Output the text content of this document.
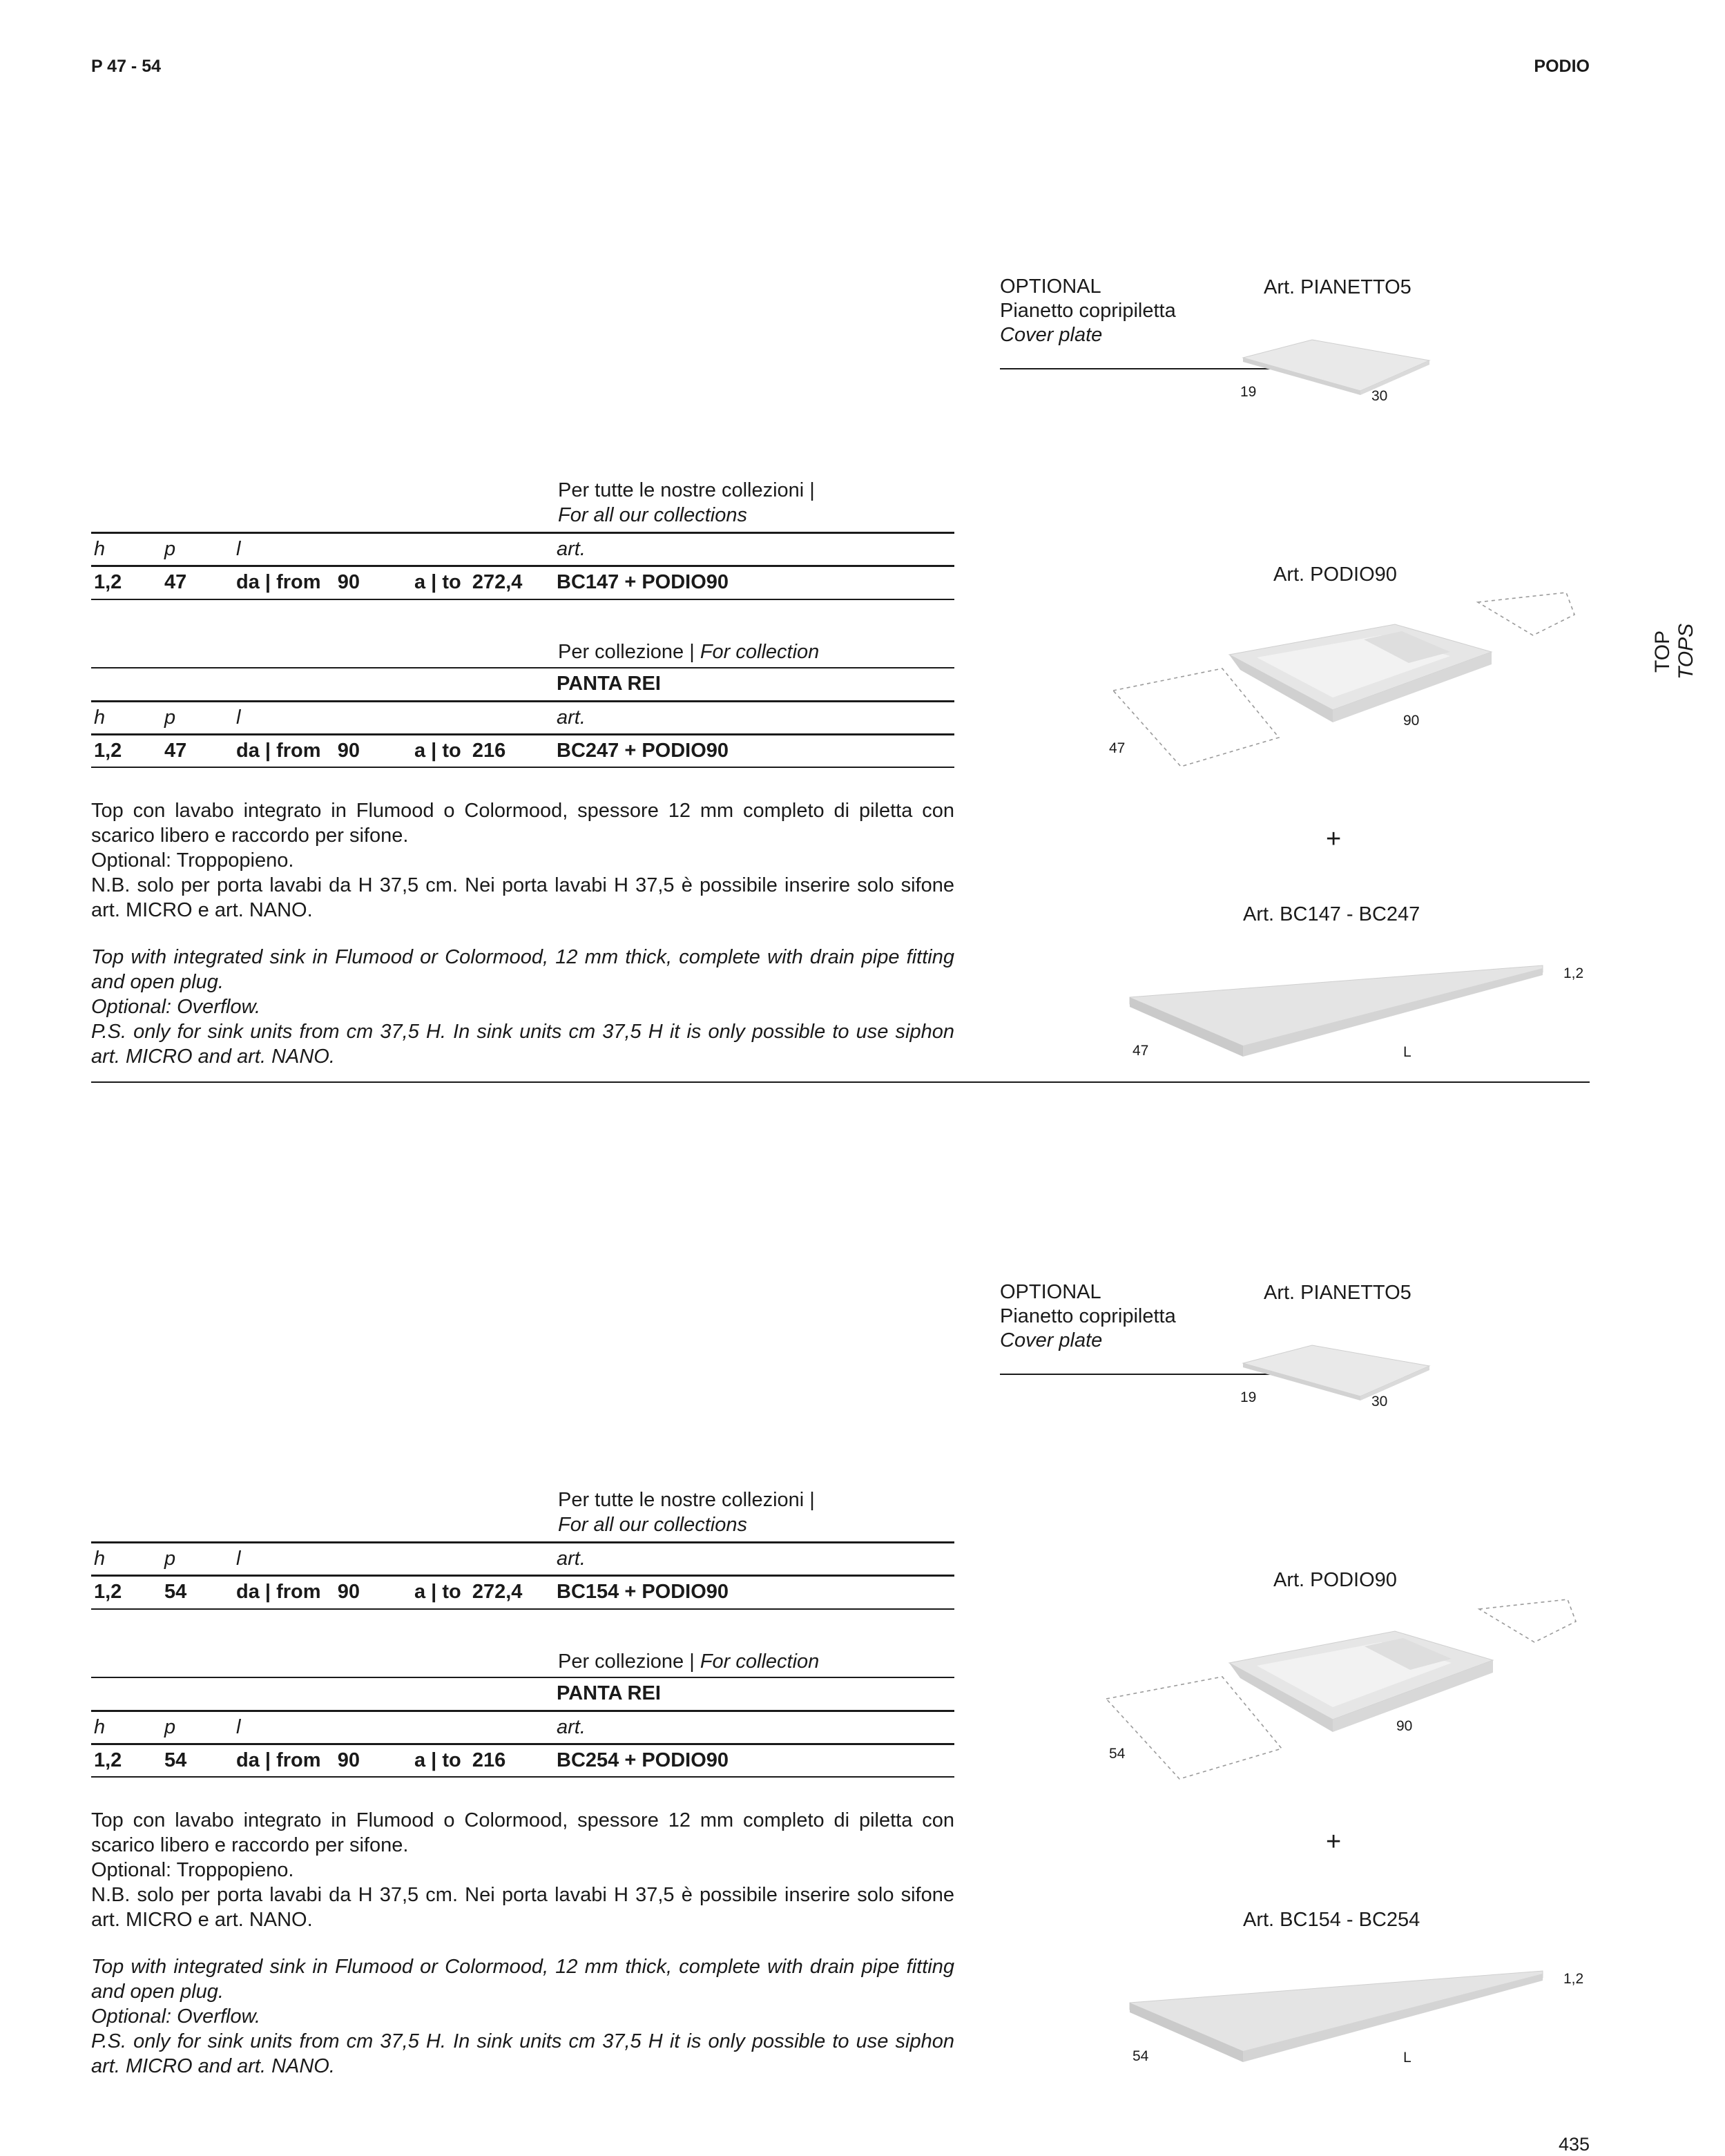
P 47 - 54	PODIO
TOP TOPS
OPTIONAL
Pianetto copripiletta
Cover plate
Art. PIANETTO5
19	30
Per tutte le nostre collezioni |
For all our collections
h	p	l		art.
1,2	47	da | from 90	a | to 272,4	BC147 + PODIO90
Per collezione | For collection
				PANTA REI
h	p	l		art.
1,2	47	da | from 90	a | to 216	BC247 + PODIO90

Top con lavabo integrato in Flumood o Colormood, spessore 12 mm completo di piletta con scarico libero e raccordo per sifone.

Optional: Troppopieno.

N.B. solo per porta lavabi da H 37,5 cm. Nei porta lavabi H 37,5 è possibile inserire solo sifone art. MICRO e art. NANO.

Top with integrated sink in Flumood or Colormood, 12 mm thick, complete with drain pipe fitting and open plug.

Optional: Overflow.

P.S. only for sink units from cm 37,5 H. In sink units cm 37,5 H it is only possible to use siphon art. MICRO and art. NANO.

Art. PODIO90
47
90
+
Art. BC147 - BC247
1,2
47	L
OPTIONAL
Pianetto copripiletta
Cover plate
Art. PIANETTO5
19	30
Per tutte le nostre collezioni |
For all our collections
h	p	l		art.
1,2	54	da | from 90	a | to 272,4	BC154 + PODIO90
Per collezione | For collection
				PANTA REI
h	p	l		art.
1,2	54	da | from 90	a | to 216	BC254 + PODIO90

Top con lavabo integrato in Flumood o Colormood, spessore 12 mm completo di piletta con scarico libero e raccordo per sifone.

Optional: Troppopieno.

N.B. solo per porta lavabi da H 37,5 cm. Nei porta lavabi H 37,5 è possibile inserire solo sifone art. MICRO e art. NANO.

Top with integrated sink in Flumood or Colormood, 12 mm thick, complete with drain pipe fitting and open plug.

Optional: Overflow.

P.S. only for sink units from cm 37,5 H. In sink units cm 37,5 H it is only possible to use siphon art. MICRO and art. NANO.

Art. PODIO90
54
90
+
Art. BC154 - BC254
1,2
54	L
435
